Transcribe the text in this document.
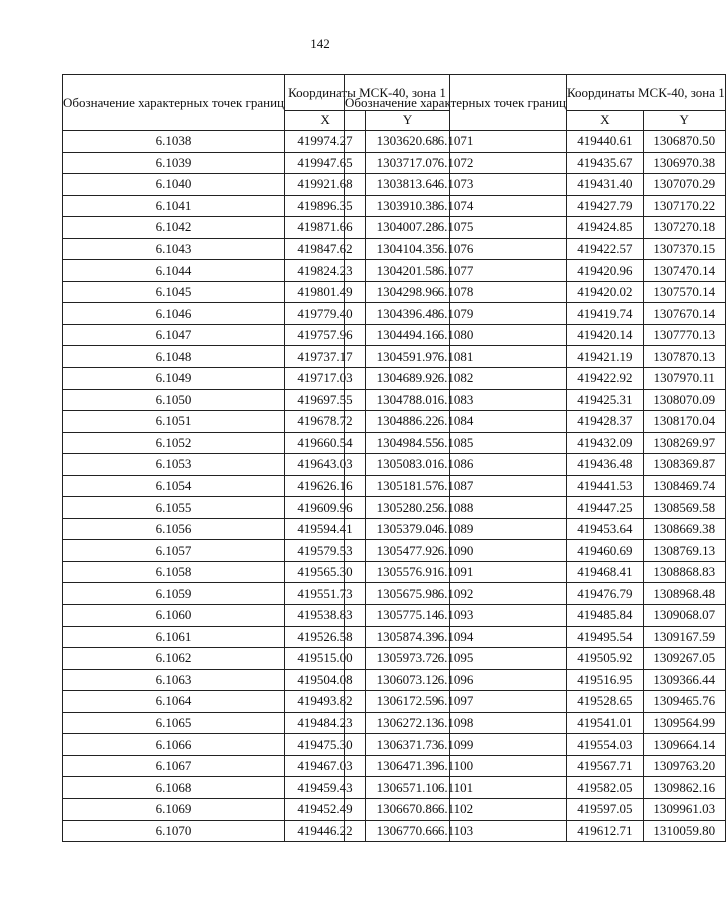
142
Обозначение характерных точек границ	Координаты МСК-40, зона 1	
	X	Y
6.1038	419974.27	1303620.68
6.1039	419947.65	1303717.07
6.1040	419921.68	1303813.64
6.1041	419896.35	1303910.38
6.1042	419871.66	1304007.28
6.1043	419847.62	1304104.35
6.1044	419824.23	1304201.58
6.1045	419801.49	1304298.96
6.1046	419779.40	1304396.48
6.1047	419757.96	1304494.16
6.1048	419737.17	1304591.97
6.1049	419717.03	1304689.92
6.1050	419697.55	1304788.01
6.1051	419678.72	1304886.22
6.1052	419660.54	1304984.55
6.1053	419643.03	1305083.01
6.1054	419626.16	1305181.57
6.1055	419609.96	1305280.25
6.1056	419594.41	1305379.04
6.1057	419579.53	1305477.92
6.1058	419565.30	1305576.91
6.1059	419551.73	1305675.98
6.1060	419538.83	1305775.14
6.1061	419526.58	1305874.39
6.1062	419515.00	1305973.72
6.1063	419504.08	1306073.12
6.1064	419493.82	1306172.59
6.1065	419484.23	1306272.13
6.1066	419475.30	1306371.73
6.1067	419467.03	1306471.39
6.1068	419459.43	1306571.10
6.1069	419452.49	1306670.86
6.1070	419446.22	1306770.66
Обозначение характерных точек границ	Координаты МСК-40, зона 1	
	X	Y
6.1071	419440.61	1306870.50
6.1072	419435.67	1306970.38
6.1073	419431.40	1307070.29
6.1074	419427.79	1307170.22
6.1075	419424.85	1307270.18
6.1076	419422.57	1307370.15
6.1077	419420.96	1307470.14
6.1078	419420.02	1307570.14
6.1079	419419.74	1307670.14
6.1080	419420.14	1307770.13
6.1081	419421.19	1307870.13
6.1082	419422.92	1307970.11
6.1083	419425.31	1308070.09
6.1084	419428.37	1308170.04
6.1085	419432.09	1308269.97
6.1086	419436.48	1308369.87
6.1087	419441.53	1308469.74
6.1088	419447.25	1308569.58
6.1089	419453.64	1308669.38
6.1090	419460.69	1308769.13
6.1091	419468.41	1308868.83
6.1092	419476.79	1308968.48
6.1093	419485.84	1309068.07
6.1094	419495.54	1309167.59
6.1095	419505.92	1309267.05
6.1096	419516.95	1309366.44
6.1097	419528.65	1309465.76
6.1098	419541.01	1309564.99
6.1099	419554.03	1309664.14
6.1100	419567.71	1309763.20
6.1101	419582.05	1309862.16
6.1102	419597.05	1309961.03
6.1103	419612.71	1310059.80
